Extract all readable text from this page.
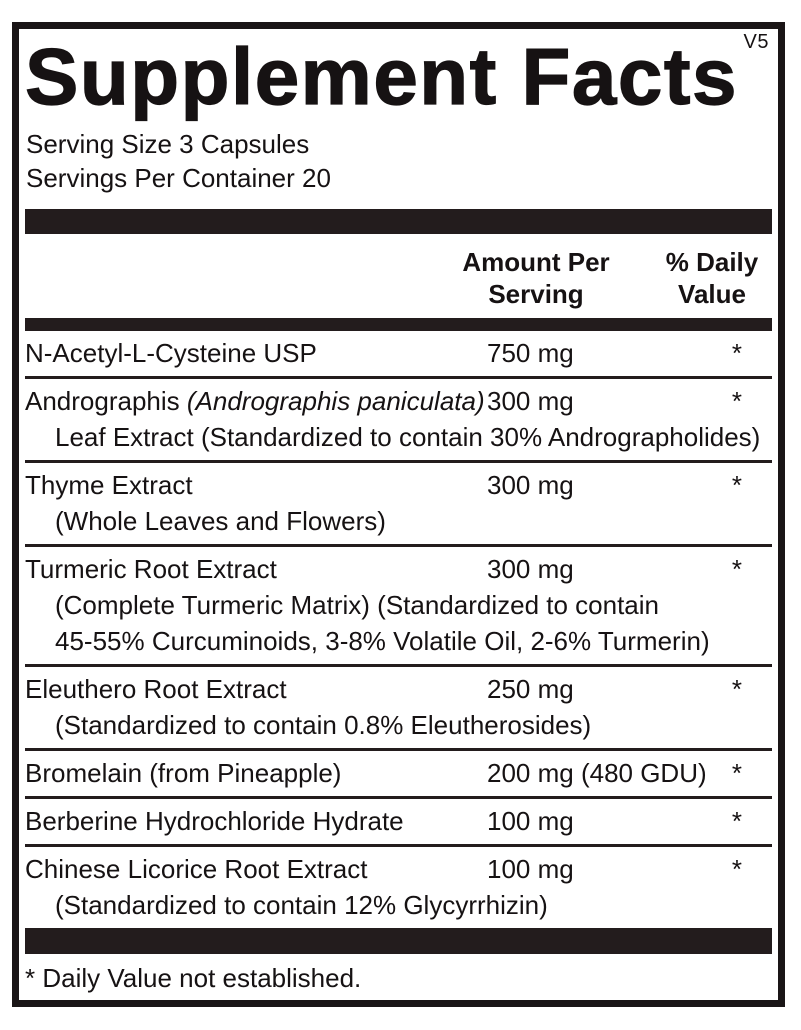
V5
Supplement Facts
Serving Size 3 Capsules
Servings Per Container 20
Amount Per Serving
% Daily Value
N-Acetyl-L-Cysteine USP	750 mg	*
Andrographis (Andrographis paniculata) 300 mg	*
Leaf Extract (Standardized to contain 30% Andrographolides)
Thyme Extract	300 mg	*
(Whole Leaves and Flowers)
Turmeric Root Extract	300 mg	*
(Complete Turmeric Matrix) (Standardized to contain
45-55% Curcuminoids, 3-8% Volatile Oil, 2-6% Turmerin)
Eleuthero Root Extract	250 mg	*
(Standardized to contain 0.8% Eleutherosides)
Bromelain (from Pineapple)	200 mg (480 GDU) *
Berberine Hydrochloride Hydrate	100 mg	*
Chinese Licorice Root Extract	100 mg	*
(Standardized to contain 12% Glycyrrhizin)
* Daily Value not established.
